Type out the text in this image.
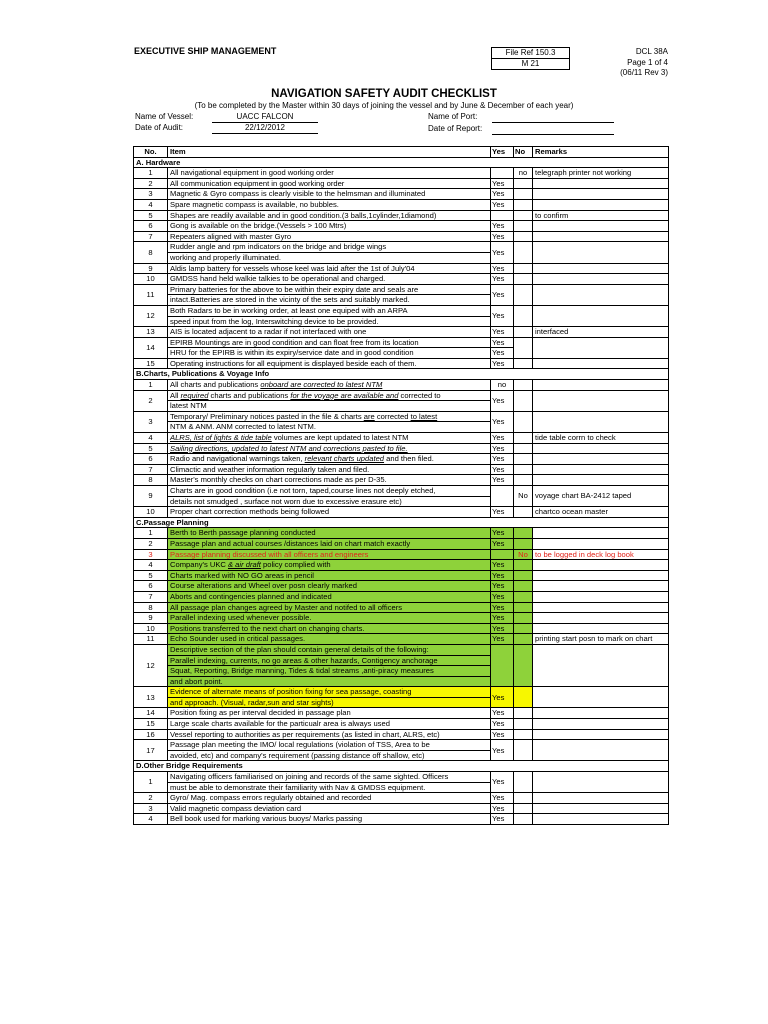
EXECUTIVE SHIP MANAGEMENT	File Ref 150.3
M 21
DCL 38A
Page 1 of 4
(06/11 Rev 3)
NAVIGATION SAFETY AUDIT CHECKLIST
(To be completed by the Master within 30 days of joining the vessel and by June & December of each year)
Name of Vessel:	UACC FALCON
Date of Audit:	22/12/2012
Name of Port:
Date of Report:
No.	Item	Yes	No	Remarks
A. Hardware				
1	All navigational equipment in good working order		no	telegraph printer not working
2	All communication equipment in good working order	Yes		
3	Magnetic & Gyro compass is clearly visible to the helmsman and illuminated	Yes		
4	Spare magnetic compass is available, no bubbles.	Yes		
5	Shapes are readily available and in good condition.(3 balls,1cylinder,1diamond)			to confirm
6	Gong is available on the bridge.(Vessels > 100 Mtrs)	Yes		
7	Repeaters aligned with master Gyro	Yes		
8	Rudder angle and rpm indicators on the bridge and bridge wings	Yes		
	working and properly illuminated.			
9	Aldis lamp battery for vessels whose keel was laid after the 1st of July'04	Yes		
10	GMDSS hand held walkie talkies to be operational and charged.	Yes		
11	Primary batteries for the above to be within their expiry date and seals are	Yes		
	intact.Batteries are stored in the vicinty of the sets and suitably marked.			
12	Both Radars to be in working order, at least one equiped with an ARPA	Yes		
	speed input from the log, Interswitching device to be provided.			
13	AIS is located adjacent to a radar if not interfaced with one	Yes		interfaced
14	EPIRB Mountings are in good condition and can float free from its location	Yes		
	HRU for the EPIRB is within its expiry/service date and in good condition	Yes		
15	Operating instructions for all equipment is displayed beside each of them.	Yes		
B.Charts, Publications & Voyage Info				
1	All charts and publications onboard are corrected to latest NTM	no		
2	All required charts and publications for the voyage are available and corrected to	Yes		
	latest NTM			
3	Temporary/ Preliminary notices pasted in the file & charts are corrected to latest	Yes		
	NTM & ANM. ANM corrected to latest NTM.			
4	ALRS, list of lights & tide table volumes are kept updated to latest NTM	Yes		tide table corrn to check
5	Sailing directions, updated to latest NTM and corrections pasted to file.	Yes		
6	Radio and navigational warnings taken, relevant charts updated and then filed.	Yes		
7	Climactic and weather information regularly taken and filed.	Yes		
8	Master's monthly checks on chart corrections made as per D-35.	Yes		
9	Charts are in good condition (i.e not torn, taped,course lines not deeply etched,		No	voyage chart BA-2412 taped
	details not smudged , surface not worn due to excessive erasure etc)			
10	Proper chart correction methods being followed	Yes		chartco ocean master
C.Passage Planning				
1	Berth to Berth passage planning conducted	Yes		
2	Passage plan and actual courses /distances laid on chart match exactly	Yes		
3	Passage planning discussed with all officers and engineers		No	to be logged in deck log book
4	Company's UKC & air draft policy complied with	Yes		
5	Charts marked with NO GO areas in pencil	Yes		
6	Course alterations and Wheel over posn clearly marked	Yes		
7	Aborts and contingencies planned and indicated	Yes		
8	All passage plan changes agreed by Master and notifed to all officers	Yes		
9	Parallel indexing used whenever possible.	Yes		
10	Positions transferred to the next chart on changing charts.	Yes		
11	Echo Sounder used in critical passages.	Yes		printing start posn to mark on chart
12	Descriptive section of the plan should contain general details of the following:			
	Parallel indexing, currents, no go areas & other hazards, Contigency anchorage			
	Squat, Reporting, Bridge manning, Tides & tidal streams ,anti-piracy measures			
	and abort point.			
13	Evidence of alternate means of position fixing for sea passage, coasting	Yes		
	and approach. (Visual, radar,sun and star sights)			
14	Position fixing as per interval decided in passage plan	Yes		
15	Large scale charts available for the particualr area is always used	Yes		
16	Vessel reporting to authorities as per requirements (as listed in chart, ALRS, etc)	Yes		
17	Passage plan meeting the IMO/ local regulations (violation of TSS, Area to be	Yes		
	avoided, etc) and company's requirement (passing distance off shallow, etc)			
D.Other Bridge Requirements				
1	Navigating officers familiarised on joining and records of the same sighted. Officers	Yes		
	must be able to demonstrate their familiarity with Nav & GMDSS equipment.			
2	Gyro/ Mag. compass errors regularly obtained and recorded	Yes		
3	Valid magnetic compass deviation card	Yes		
4	Bell book used for marking various buoys/ Marks passing	Yes		
